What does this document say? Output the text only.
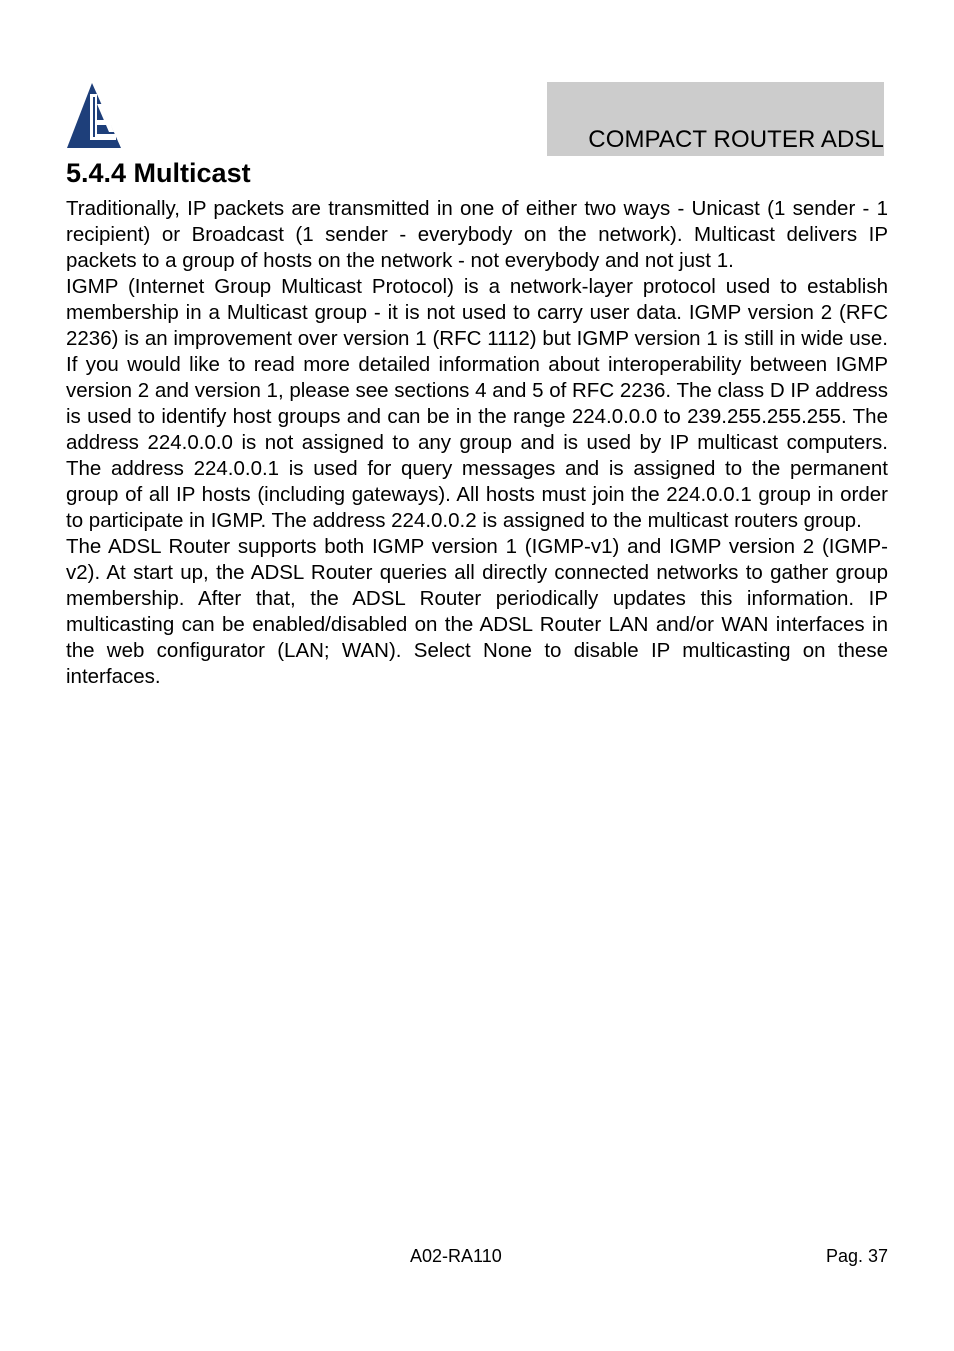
COMPACT ROUTER ADSL
5.4.4 Multicast

Traditionally, IP packets are transmitted in one of either two ways - Unicast (1 sender - 1 recipient) or Broadcast (1 sender - everybody on the network). Multicast delivers IP packets to a group of hosts on the network - not everybody and not just 1.

IGMP (Internet Group Multicast Protocol) is a network-layer protocol used to establish membership in a Multicast group - it is not used to carry user data. IGMP version 2 (RFC 2236) is an improvement over version 1 (RFC 1112) but IGMP version 1 is still in wide use. If you would like to read more detailed information about interoperability between IGMP version 2 and version 1, please see sections 4 and 5 of RFC 2236. The class D IP address is used to identify host groups and can be in the range 224.0.0.0 to 239.255.255.255. The address 224.0.0.0 is not assigned to any group and is used by IP multicast computers. The address 224.0.0.1 is used for query messages and is assigned to the permanent group of all IP hosts (including gateways). All hosts must join the 224.0.0.1 group in order to participate in IGMP. The address 224.0.0.2 is assigned to the multicast routers group.

The ADSL Router supports both IGMP version 1 (IGMP-v1) and IGMP version 2 (IGMP-v2). At start up, the ADSL Router queries all directly connected networks to gather group membership. After that, the ADSL Router periodically updates this information. IP multicasting can be enabled/disabled on the ADSL Router LAN and/or WAN interfaces in the web configurator (LAN; WAN). Select None to disable IP multicasting on these interfaces.

A02-RA110	Pag. 37
